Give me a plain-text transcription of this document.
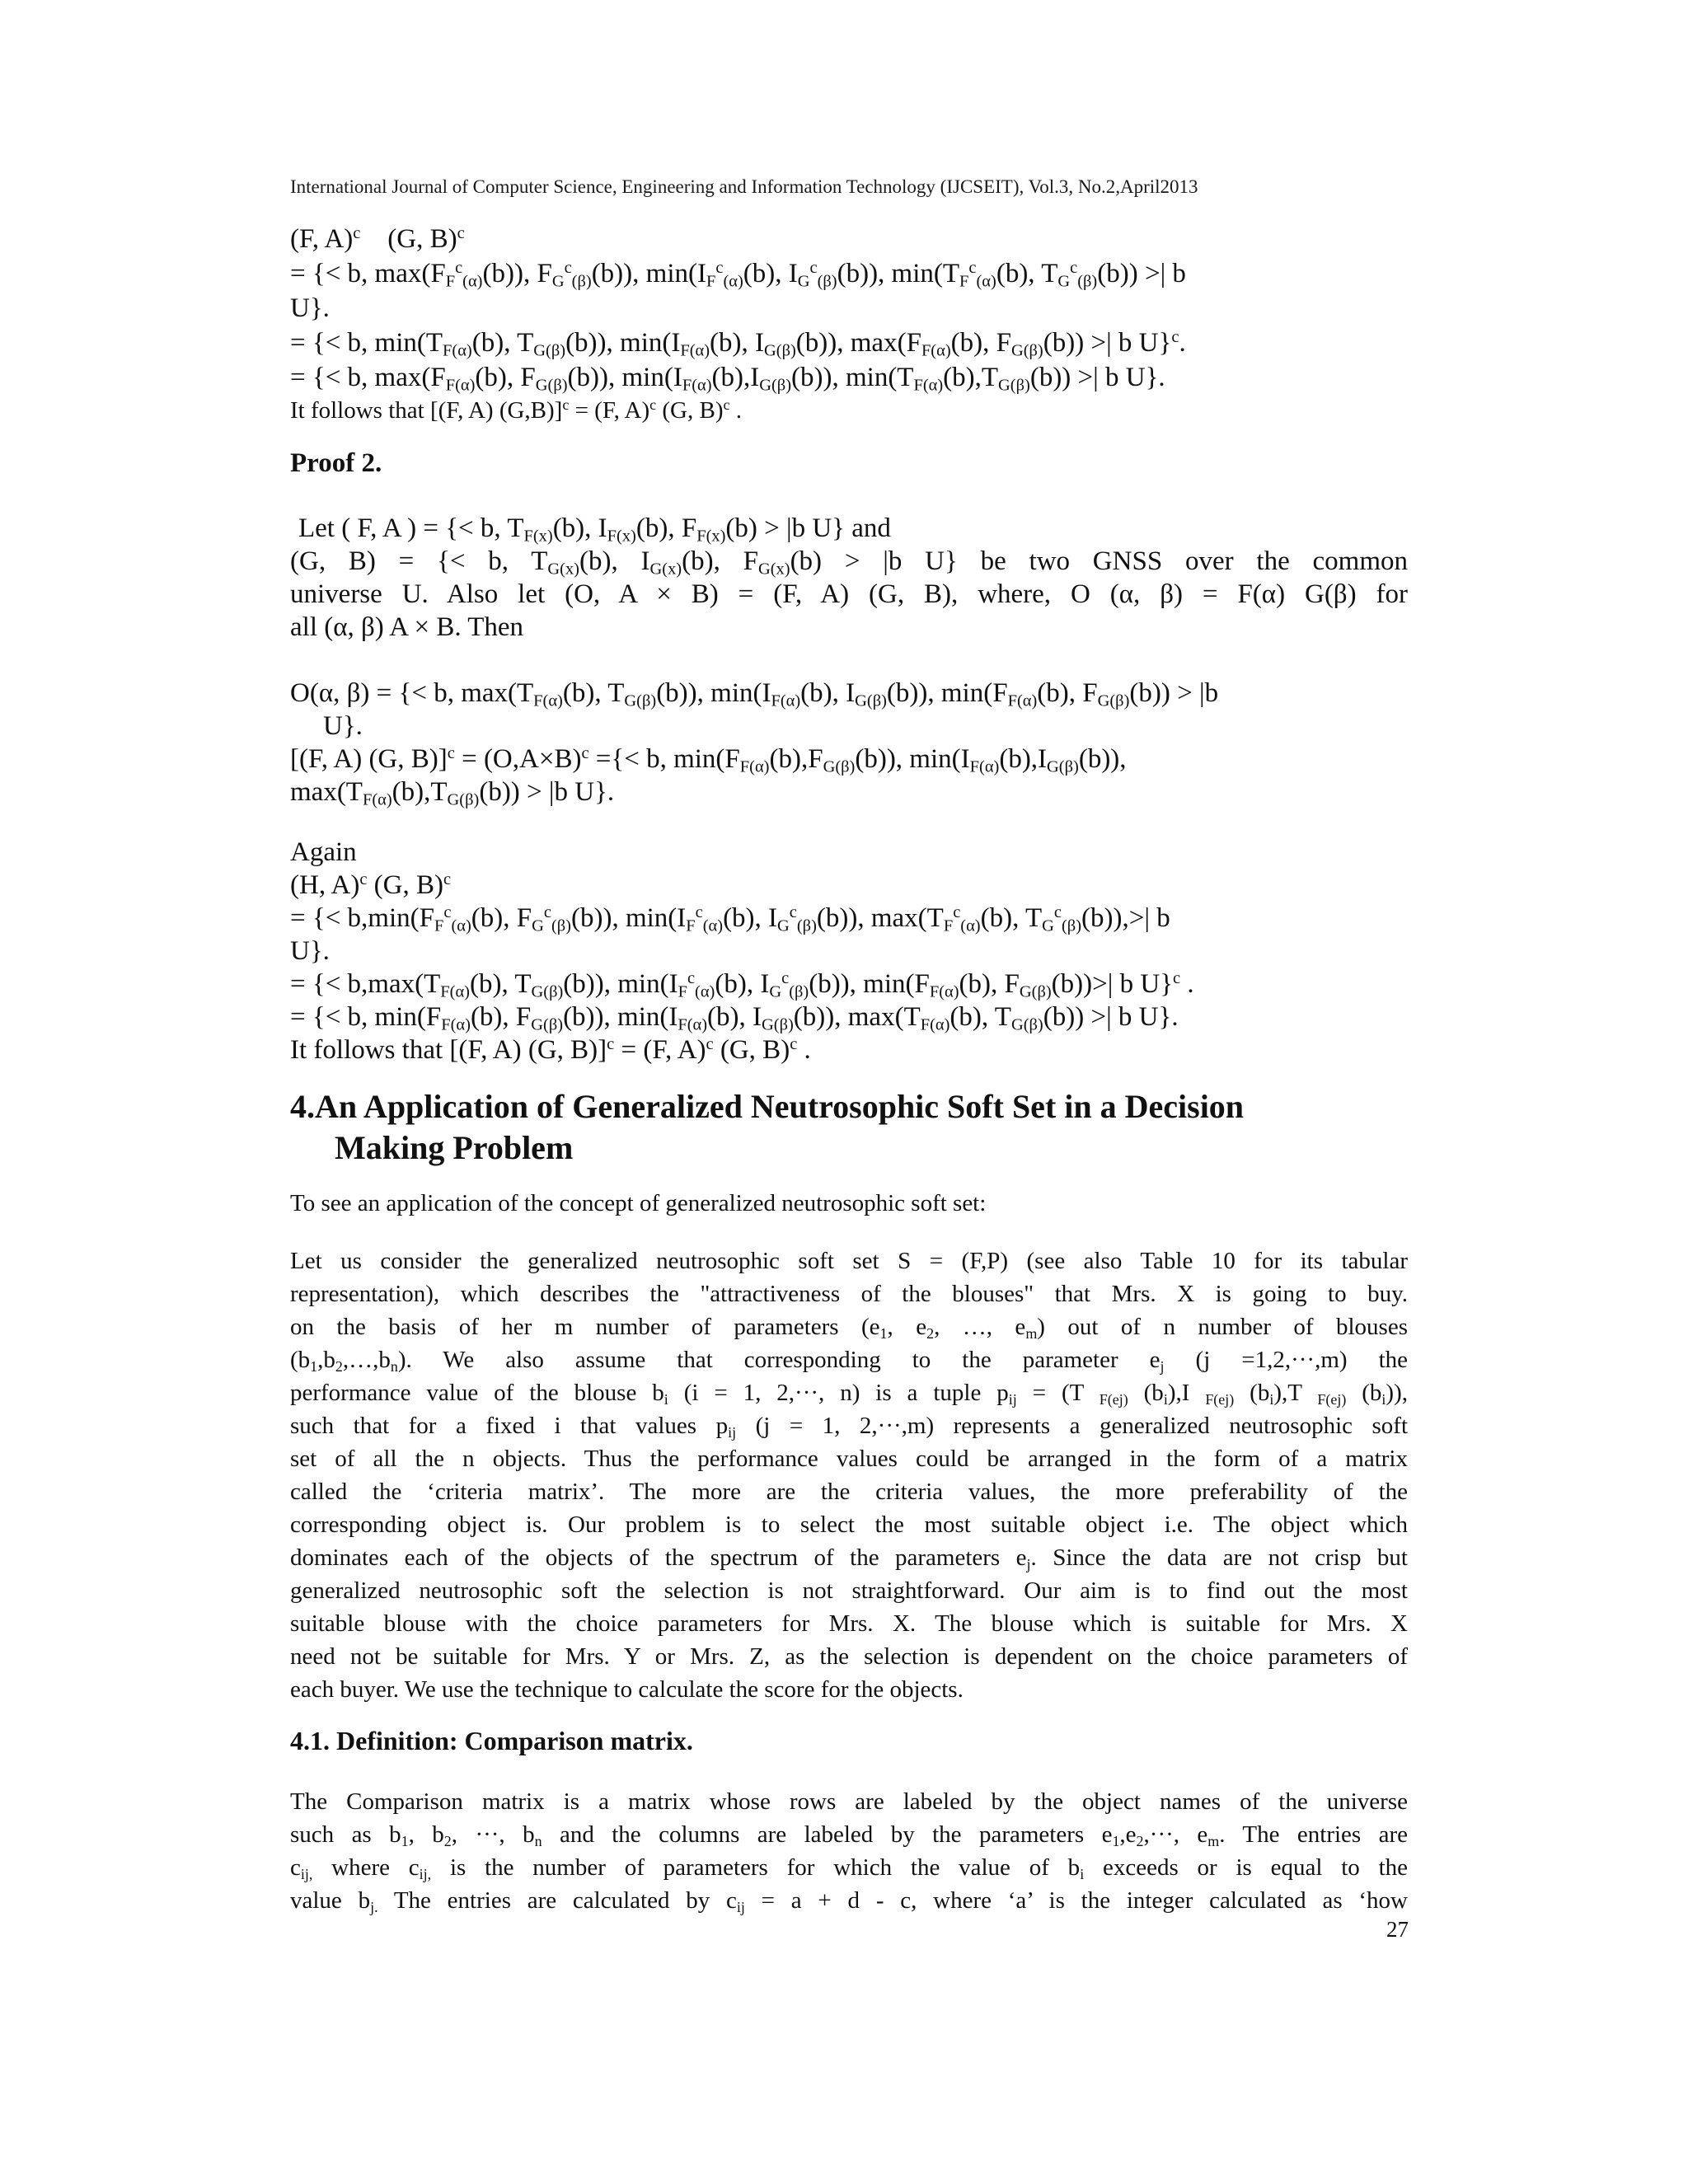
International Journal of Computer Science, Engineering and Information Technology (IJCSEIT), Vol.3, No.2,April2013
(F, A)$^c$ (G, B)$^c$
= {< b, $\max(F_F^c_{(\alpha)}(b))$, $F_G^c_{(\beta)}(b)$), $\min(I_F^c_{(\alpha)}(b)$, $I_G^c_{(\beta)}(b)$), $\min(T_F^c_{(\alpha)}(b)$, $T_G^c_{(\beta)}(b)$) >| b
U}.
= {< b, $\min(T_{F(\alpha)}(b)$, $T_{G(\beta)}(b)$), $\min(I_{F(\alpha)}(b)$, $I_{G(\beta)}(b)$), $\max(F_{F(\alpha)}(b)$, $F_{G(\beta)}(b)$) >| b U}$^c$.
= {< b, $\max(F_{F(\alpha)}(b)$, $F_{G(\beta)}(b)$), $\min(I_{F(\alpha)}(b),I_{G(\beta)}(b))$, $\min(T_{F(\alpha)}(b),T_{G(\beta)}(b))$ >| b U}.
It follows that [(F, A) (G,B)]$^c$ = (F, A)$^c$ (G, B)$^c$ .
Proof 2.
Let ( F, A ) = {< b, $T_{F(x)}(b)$, $I_{F(x)}(b)$, $F_{F(x)}(b) > |b$ U} and
(G, B) = {< b, $T_{G(x)}(b)$, $I_{G(x)}(b)$, $F_{G(x)}(b) > |b$ U} be two GNSS over the common
universe U. Also let (O, A × B) = (F, A) (G, B), where, O (α, β) = F(α) G(β) for
all (α, β) A × B. Then
O(α, β) = {< b, $\max(T_{F(\alpha)}(b)$, $T_{G(\beta)}(b)$), $\min(I_{F(\alpha)}(b)$, $I_{G(\beta)}(b)$), $\min(F_{F(\alpha)}(b)$, $F_{G(\beta)}(b)) > |b$
U}.
[(F, A) (G, $B)]^c = (O,A\times B)^c$ ={< b, $\min(F_{F(\alpha)}(b),F_{G(\beta)}(b))$, $\min(I_{F(\alpha)}(b),I_{G(\beta)}(b))$,
$\max(T_{F(\alpha)}(b),T_{G(\beta)}(b)) > |b$ U}.
Again
(H, A)$^c$ (G, B)$^c$
= {< $b,\min(F_F^c_{(\alpha)}(b)$, $F_G^c_{(\beta)}(b)$), $\min(I_F^c_{(\alpha)}(b)$, $I_G^c_{(\beta)}(b)$), $\max(T_F^c_{(\alpha)}(b)$, $T_G^c_{(\beta)}(b)),>|$ b
U}.
= {< $b,\max(T_{F(\alpha)}(b)$, $T_{G(\beta)}(b)$), $\min(I_F^c_{(\alpha)}(b)$, $I_G^c_{(\beta)}(b)$), $\min(F_{F(\alpha)}(b)$, $F_{G(\beta)}(b))>|$ b U}$^c$ .
= {< b, $\min(F_{F(\alpha)}(b)$, $F_{G(\beta)}(b)$), $\min(I_{F(\alpha)}(b)$, $I_{G(\beta)}(b)$), $\max(T_{F(\alpha)}(b)$, $T_{G(\beta)}(b)$) >| b U}.
It follows that [(F, A) (G, B)]$^c$ = (F, A)$^c$ (G, B)$^c$ .
4.An Application of Generalized Neutrosophic Soft Set in a Decision
Making Problem
To see an application of the concept of generalized neutrosophic soft set:
Let us consider the generalized neutrosophic soft set S = (F,P) (see also Table 10 for its tabular
representation), which describes the "attractiveness of the blouses" that Mrs. X is going to buy.
on the basis of her m number of parameters ($e_1$, $e_2$, …, $e_m$) out of n number of blouses
$(b_1,b_2,\dots,b_n)$. We also assume that corresponding to the parameter $e_j$ (j =1,2,···,m) the
performance value of the blouse $b_i$ (i = 1, 2,···, n) is a tuple $p_{ij} = (T$ $_{F(ej)}$ $(b_i),I$ $_{F(ej)}$ $(b_i),T$ $_{F(ej)}$ $(b_i)$),
such that for a fixed i that values $p_{ij}$ (j = 1, 2,···,m) represents a generalized neutrosophic soft
set of all the n objects. Thus the performance values could be arranged in the form of a matrix
called the ‘criteria matrix’. The more are the criteria values, the more preferability of the
corresponding object is. Our problem is to select the most suitable object i.e. The object which
dominates each of the objects of the spectrum of the parameters $e_j$. Since the data are not crisp but
generalized neutrosophic soft the selection is not straightforward. Our aim is to find out the most
suitable blouse with the choice parameters for Mrs. X. The blouse which is suitable for Mrs. X
need not be suitable for Mrs. Y or Mrs. Z, as the selection is dependent on the choice parameters of
each buyer. We use the technique to calculate the score for the objects.
4.1. Definition: Comparison matrix.
The Comparison matrix is a matrix whose rows are labeled by the object names of the universe
such as $b_1$, $b_2$, ···, $b_n$ and the columns are labeled by the parameters $e_1,e_2,\cdot\cdot\cdot$, $e_m$. The entries are
$c_{ij,}$ where $c_{ij,}$ is the number of parameters for which the value of $b_i$ exceeds or is equal to the
value $b_{j.}$ The entries are calculated by $c_{ij} = a + d - c$, where ‘a’ is the integer calculated as ‘how
27
